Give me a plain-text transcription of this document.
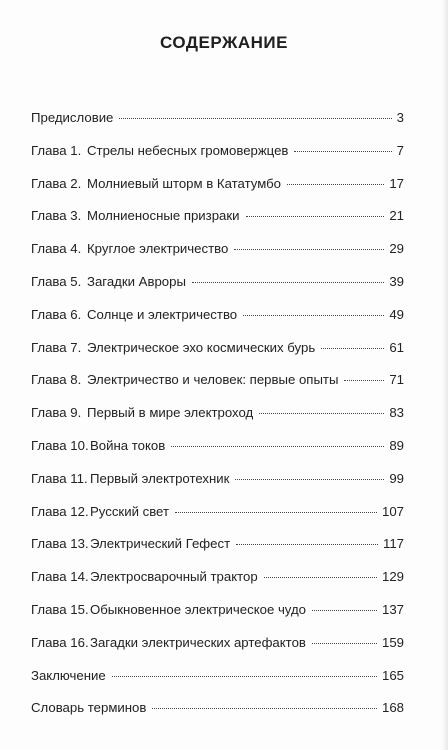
СОДЕРЖАНИЕ
Предисловие	3
Глава 1. Стрелы небесных громовержцев	7
Глава 2. Молниевый шторм в Кататумбо	17
Глава 3. Молниеносные призраки	21
Глава 4. Круглое электричество	29
Глава 5. Загадки Авроры	39
Глава 6. Солнце и электричество	49
Глава 7. Электрическое эхо космических бурь	61
Глава 8. Электричество и человек: первые опыты	71
Глава 9. Первый в мире электроход	83
Глава 10.Война токов	89
Глава 11. Первый электротехник	99
Глава 12.Русский свет	107
Глава 13.Электрический Гефест	117
Глава 14.Электросварочный трактор	129
Глава 15.Обыкновенное электрическое чудо	137
Глава 16.Загадки электрических артефактов	159
Заключение	165
Словарь терминов	168
